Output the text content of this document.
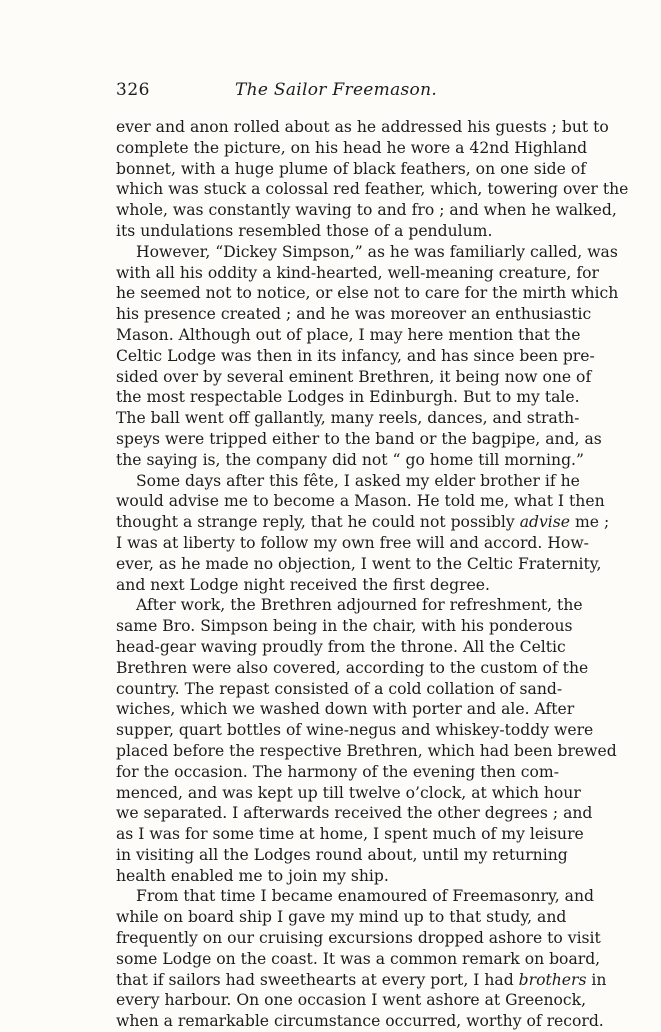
326	The Sailor Freemason.
ever and anon rolled about as he addressed his guests ; but to
complete the picture, on his head he wore a 42nd Highland
bonnet, with a huge plume of black feathers, on one side of
which was stuck a colossal red feather, which, towering over the
whole, was constantly waving to and fro ; and when he walked,
its undulations resembled those of a pendulum.
However, “Dickey Simpson,” as he was familiarly called, was
with all his oddity a kind-hearted, well-meaning creature, for
he seemed not to notice, or else not to care for the mirth which
his presence created ; and he was moreover an enthusiastic
Mason. Although out of place, I may here mention that the
Celtic Lodge was then in its infancy, and has since been pre-
sided over by several eminent Brethren, it being now one of
the most respectable Lodges in Edinburgh. But to my tale.
The ball went off gallantly, many reels, dances, and strath-
speys were tripped either to the band or the bagpipe, and, as
the saying is, the company did not “ go home till morning.”
Some days after this fête, I asked my elder brother if he
would advise me to become a Mason. He told me, what I then
thought a strange reply, that he could not possibly advise me ;
I was at liberty to follow my own free will and accord. How-
ever, as he made no objection, I went to the Celtic Fraternity,
and next Lodge night received the first degree.
After work, the Brethren adjourned for refreshment, the
same Bro. Simpson being in the chair, with his ponderous
head-gear waving proudly from the throne. All the Celtic
Brethren were also covered, according to the custom of the
country. The repast consisted of a cold collation of sand-
wiches, which we washed down with porter and ale. After
supper, quart bottles of wine-negus and whiskey-toddy were
placed before the respective Brethren, which had been brewed
for the occasion. The harmony of the evening then com-
menced, and was kept up till twelve o’clock, at which hour
we separated. I afterwards received the other degrees ; and
as I was for some time at home, I spent much of my leisure
in visiting all the Lodges round about, until my returning
health enabled me to join my ship.
From that time I became enamoured of Freemasonry, and
while on board ship I gave my mind up to that study, and
frequently on our cruising excursions dropped ashore to visit
some Lodge on the coast. It was a common remark on board,
that if sailors had sweethearts at every port, I had brothers in
every harbour. On one occasion I went ashore at Greenock,
when a remarkable circumstance occurred, worthy of record.
